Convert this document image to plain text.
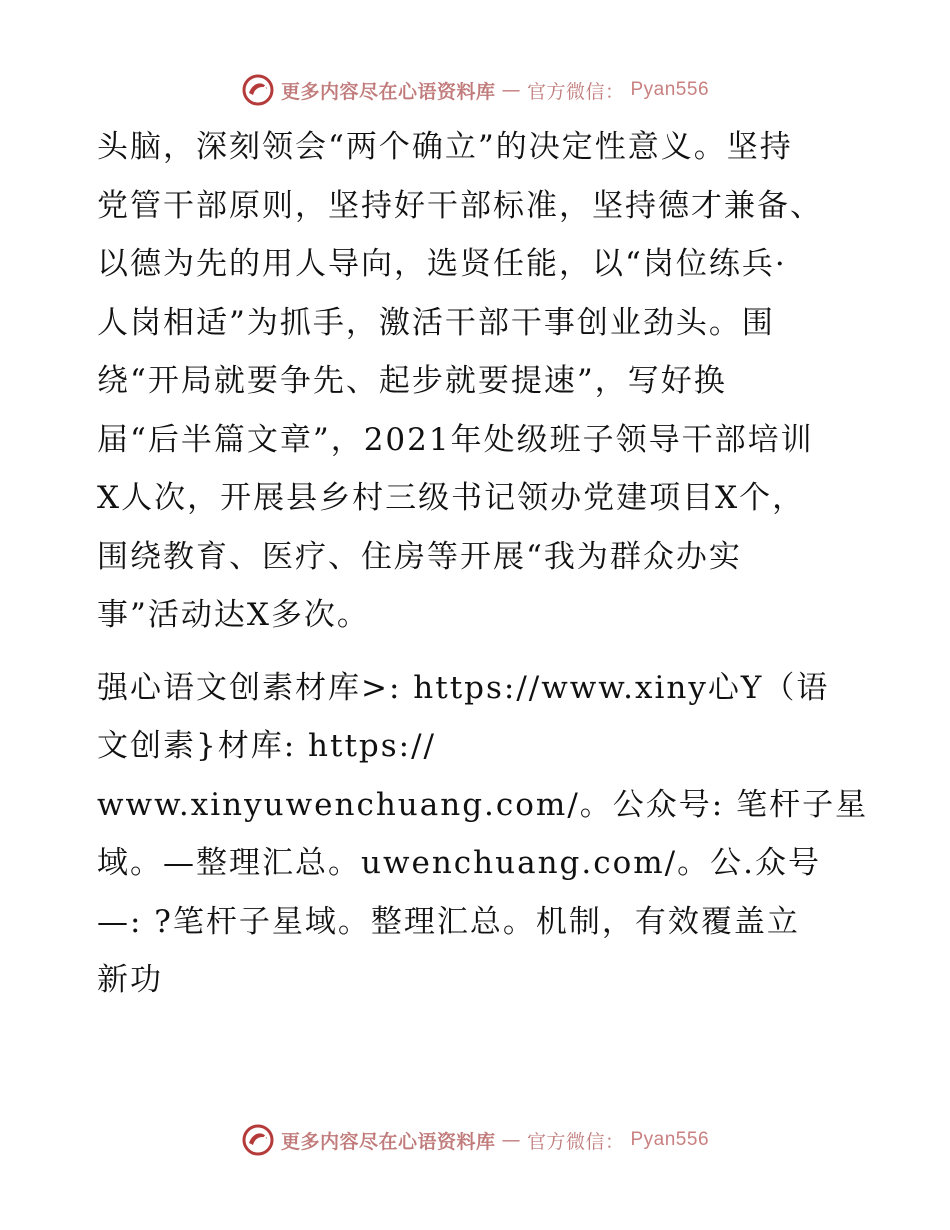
更多内容尽在心语资料库 — 官方微信： Pyan556
头脑，深刻领会“两个确立”的决定性意义。坚持
党管干部原则，坚持好干部标准，坚持德才兼备、
以德为先的用人导向，选贤任能，以“岗位练兵·
人岗相适”为抓手，激活干部干事创业劲头。围
绕“开局就要争先、起步就要提速”，写好换
届“后半篇文章”，2021年处级班子领导干部培训
X人次，开展县乡村三级书记领办党建项目X个，
围绕教育、医疗、住房等开展“我为群众办实
事”活动达X多次。
强心语文创素材库>: https://www.xiny心Y（语
文创素}材库: https://
www.xinyuwenchuang.com/。公众号: 笔杆子星
域。—整理汇总。uwenchuang.com/。公.众号
—: ?笔杆子星域。整理汇总。机制，有效覆盖立
新功
更多内容尽在心语资料库 — 官方微信： Pyan556
